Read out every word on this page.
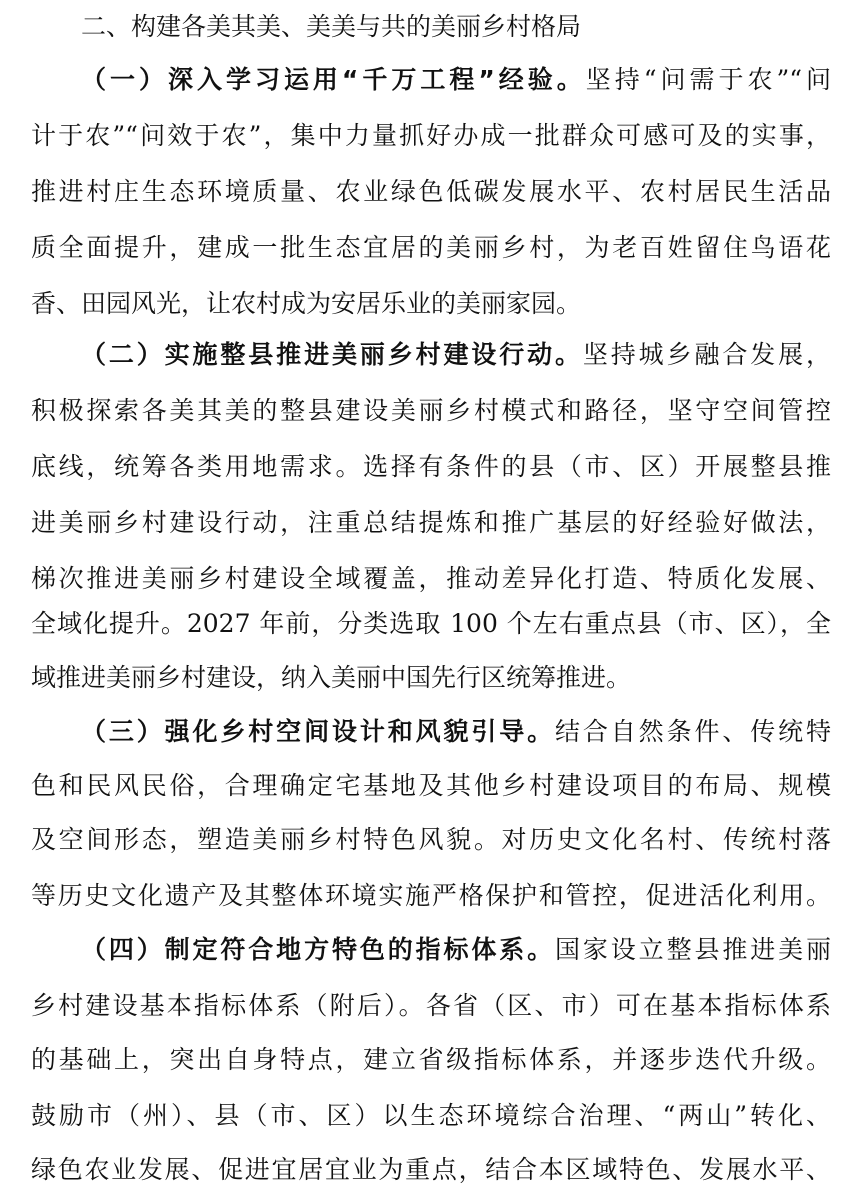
二、构建各美其美、美美与共的美丽乡村格局
（一）深入学习运用“千万工程”经验。坚持“问需于农”“问
计于农”“问效于农”，集中力量抓好办成一批群众可感可及的实事，
推进村庄生态环境质量、农业绿色低碳发展水平、农村居民生活品
质全面提升，建成一批生态宜居的美丽乡村，为老百姓留住鸟语花
香、田园风光，让农村成为安居乐业的美丽家园。
（二）实施整县推进美丽乡村建设行动。坚持城乡融合发展，
积极探索各美其美的整县建设美丽乡村模式和路径，坚守空间管控
底线，统筹各类用地需求。选择有条件的县（市、区）开展整县推
进美丽乡村建设行动，注重总结提炼和推广基层的好经验好做法，
梯次推进美丽乡村建设全域覆盖，推动差异化打造、特质化发展、
全域化提升。2027 年前，分类选取 100 个左右重点县（市、区），全
域推进美丽乡村建设，纳入美丽中国先行区统筹推进。
（三）强化乡村空间设计和风貌引导。结合自然条件、传统特
色和民风民俗，合理确定宅基地及其他乡村建设项目的布局、规模
及空间形态，塑造美丽乡村特色风貌。对历史文化名村、传统村落
等历史文化遗产及其整体环境实施严格保护和管控，促进活化利用。
（四）制定符合地方特色的指标体系。国家设立整县推进美丽
乡村建设基本指标体系（附后）。各省（区、市）可在基本指标体系
的基础上，突出自身特点，建立省级指标体系，并逐步迭代升级。
鼓励市（州）、县（市、区）以生态环境综合治理、“两山”转化、
绿色农业发展、促进宜居宜业为重点，结合本区域特色、发展水平、
